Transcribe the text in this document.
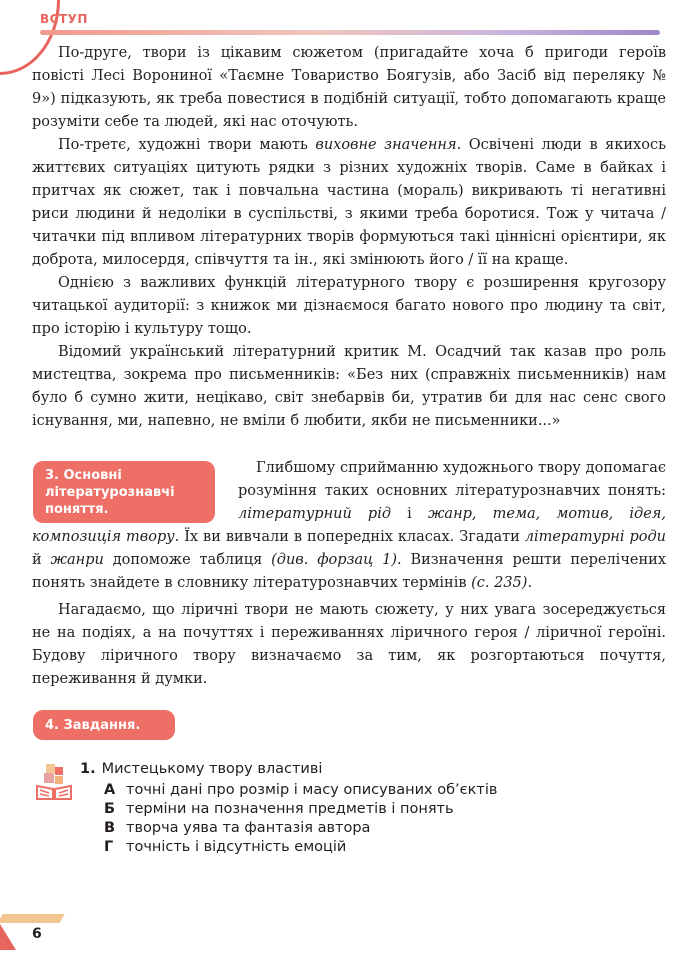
ВСТУП

По-друге, твори із цікавим сюжетом (пригадайте хоча б пригоди героїв повісті Лесі Ворониної «Таємне Товариство Боягузів, або Засіб від переляку № 9») підказують, як треба повестися в подібній ситуації, тобто допомагають краще розуміти себе та людей, які нас оточують.

По-третє, художні твори мають виховне значення. Освічені люди в якихось життєвих ситуаціях цитують рядки з різних художніх творів. Саме в байках і притчах як сюжет, так і повчальна частина (мораль) викривають ті негативні риси людини й недоліки в суспільстві, з якими треба боротися. Тож у читача / читачки під впливом літературних творів формуються такі ціннісні орієнтири, як доброта, милосердя, співчуття та ін., які змінюють його / її на краще.

Однією з важливих функцій літературного твору є розширення кругозору читацької аудиторії: з книжок ми дізнаємося багато нового про людину та світ, про історію і культуру тощо.

Відомий український літературний критик М. Осадчий так казав про роль мистецтва, зокрема про письменників: «Без них (справжніх письменників) нам було б сумно жити, нецікаво, світ знебарвів би, утратив би для нас сенс свого існування, ми, напевно, не вміли б любити, якби не письменники...»

3. Основні літературознавчі поняття.

Глибшому сприйманню художнього твору допомагає розуміння таких основних літературознавчих понять: літературний рід і жанр, тема, мотив, ідея, композиція твору. Їх ви вивчали в попередніх класах. Згадати літературні роди й жанри допоможе таблиця (див. форзац 1). Визначення решти перелічених понять знайдете в словнику літературознавчих термінів (с. 235).

Нагадаємо, що ліричні твори не мають сюжету, у них увага зосереджується не на подіях, а на почуттях і переживаннях ліричного героя / ліричної героїні. Будову ліричного твору визначаємо за тим, як розгортаються почуття, переживання й думки.

4. Завдання.
1. Мистецькому твору властиві
А точні дані про розмір і масу описуваних об’єктів
Б терміни на позначення предметів і понять
В творча уява та фантазія автора
Г точність і відсутність емоцій
6
